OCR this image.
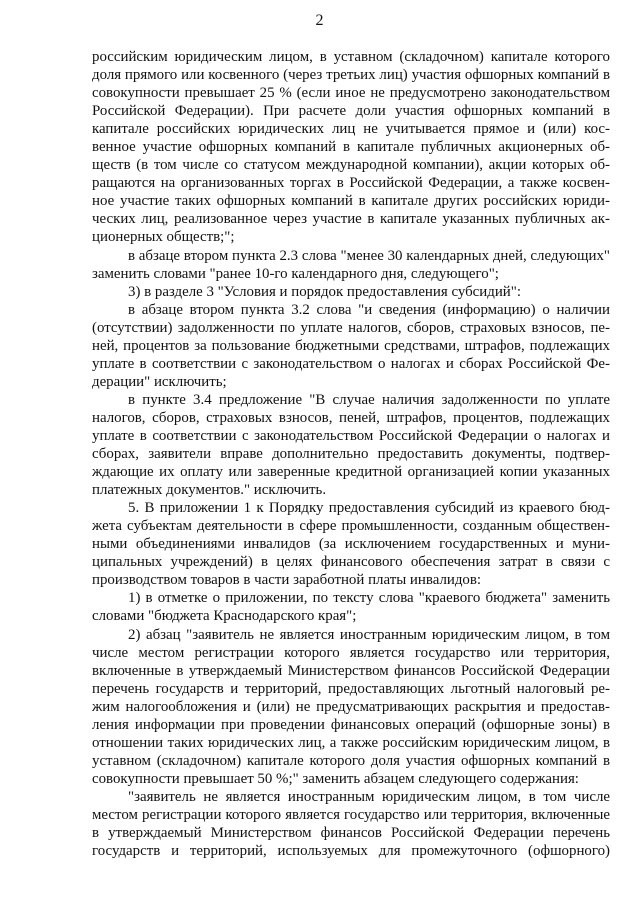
2

российским юридическим лицом, в уставном (складочном) капитале которого доля прямого или косвенного (через третьих лиц) участия офшорных компаний в совокупности превышает 25 % (если иное не предусмотрено законодательством Российской Федерации). При расчете доли участия офшорных компаний в капитале российских юридических лиц не учитывается прямое и (или) косвенное участие офшорных компаний в капитале публичных акционерных обществ (в том числе со статусом международной компании), акции которых обращаются на организованных торгах в Российской Федерации, а также косвенное участие таких офшорных компаний в капитале других российских юридических лиц, реализованное через участие в капитале указанных публичных акционерных обществ;";

в абзаце втором пункта 2.3 слова "менее 30 календарных дней, следующих" заменить словами "ранее 10-го календарного дня, следующего";

3) в разделе 3 "Условия и порядок предоставления субсидий":

в абзаце втором пункта 3.2 слова "и сведения (информацию) о наличии (отсутствии) задолженности по уплате налогов, сборов, страховых взносов, пеней, процентов за пользование бюджетными средствами, штрафов, подлежащих уплате в соответствии с законодательством о налогах и сборах Российской Федерации" исключить;

в пункте 3.4 предложение "В случае наличия задолженности по уплате налогов, сборов, страховых взносов, пеней, штрафов, процентов, подлежащих уплате в соответствии с законодательством Российской Федерации о налогах и сборах, заявители вправе дополнительно предоставить документы, подтверждающие их оплату или заверенные кредитной организацией копии указанных платежных документов." исключить.

5. В приложении 1 к Порядку предоставления субсидий из краевого бюджета субъектам деятельности в сфере промышленности, созданным общественными объединениями инвалидов (за исключением государственных и муниципальных учреждений) в целях финансового обеспечения затрат в связи с производством товаров в части заработной платы инвалидов:

1) в отметке о приложении, по тексту слова "краевого бюджета" заменить словами "бюджета Краснодарского края";

2) абзац "заявитель не является иностранным юридическим лицом, в том числе местом регистрации которого является государство или территория, включенные в утверждаемый Министерством финансов Российской Федерации перечень государств и территорий, предоставляющих льготный налоговый режим налогообложения и (или) не предусматривающих раскрытия и предоставления информации при проведении финансовых операций (офшорные зоны) в отношении таких юридических лиц, а также российским юридическим лицом, в уставном (складочном) капитале которого доля участия офшорных компаний в совокупности превышает 50 %;" заменить абзацем следующего содержания:

"заявитель не является иностранным юридическим лицом, в том числе местом регистрации которого является государство или территория, включенные в утверждаемый Министерством финансов Российской Федерации перечень государств и территорий, используемых для промежуточного (офшорного)
